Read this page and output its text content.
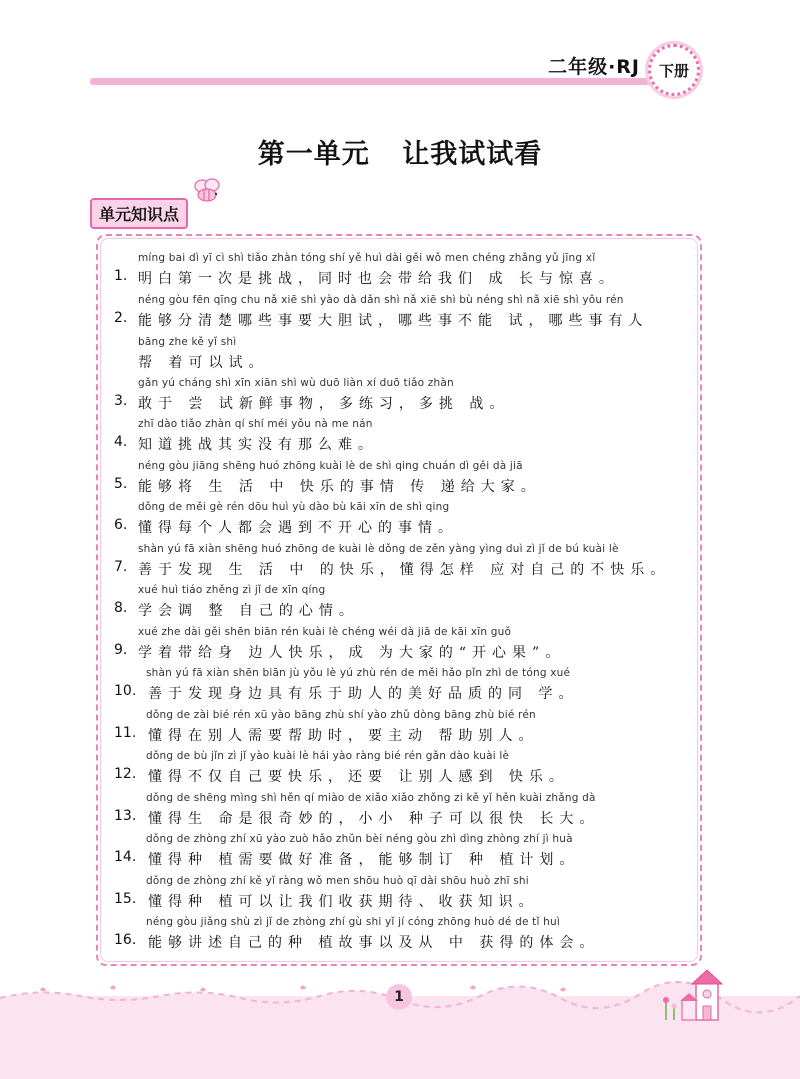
二年级·RJ	下册
第一单元 让我试试看
单元知识点
míng bai dì yī cì shì tiǎo zhàn tóng shí yě huì dài gěi wǒ men chéng zhǎng yǔ jīng xǐ
1. 明白第一次是挑战，同时也会带给我们 成 长与惊喜。
néng gòu fēn qīng chu nǎ xiē shì yào dà dǎn shì nǎ xiē shì bù néng shì nǎ xiē shì yǒu rén
2. 能够分清楚哪些事要大胆试，哪些事不能 试，哪些事有人
bāng zhe kě yǐ shì
帮 着可以试。
gǎn yú cháng shì xīn xiān shì wù duō liàn xí duō tiǎo zhàn
3. 敢于 尝 试新鲜事物，多练习，多挑 战。
zhī dào tiǎo zhàn qí shí méi yǒu nà me nán
4. 知道挑战其实没有那么难。
néng gòu jiāng shēng huó zhōng kuài lè de shì qing chuán dì gěi dà jiā
5. 能够将 生 活 中 快乐的事情 传 递给大家。
dǒng de měi gè rén dōu huì yù dào bù kāi xīn de shì qing
6. 懂得每个人都会遇到不开心的事情。
shàn yú fā xiàn shēng huó zhōng de kuài lè dǒng de zěn yàng yìng duì zì jǐ de bú kuài lè
7. 善于发现 生 活 中 的快乐，懂得怎样 应对自己的不快乐。
xué huì tiáo zhěng zì jǐ de xīn qíng
8. 学会调 整 自己的心情。
xué zhe dài gěi shēn biān rén kuài lè chéng wéi dà jiā de kāi xīn guǒ
9. 学着带给身 边人快乐，成 为大家的“开心果”。
shàn yú fā xiàn shēn biān jù yǒu lè yú zhù rén de měi hǎo pǐn zhì de tóng xué
10. 善于发现身边具有乐于助人的美好品质的同 学。
dǒng de zài bié rén xū yào bāng zhù shí yào zhǔ dòng bāng zhù bié rén
11. 懂得在别人需要帮助时，要主动 帮助别人。
dǒng de bù jǐn zì jǐ yào kuài lè hái yào ràng bié rén gǎn dào kuài lè
12. 懂得不仅自己要快乐，还要 让别人感到 快乐。
dǒng de shēng mìng shì hěn qí miào de xiǎo xiǎo zhǒng zi kě yǐ hěn kuài zhǎng dà
13. 懂得生 命是很奇妙的，小小 种子可以很快 长大。
dǒng de zhòng zhí xū yào zuò hǎo zhǔn bèi néng gòu zhì dìng zhòng zhí jì huà
14. 懂得种 植需要做好准备，能够制订 种 植计划。
dǒng de zhòng zhí kě yǐ ràng wǒ men shōu huò qī dài shōu huò zhī shi
15. 懂得种 植可以让我们收获期待、收获知识。
néng gòu jiǎng shù zì jǐ de zhòng zhí gù shi yǐ jí cóng zhōng huò dé de tǐ huì
16. 能够讲述自己的种 植故事以及从 中 获得的体会。
1
